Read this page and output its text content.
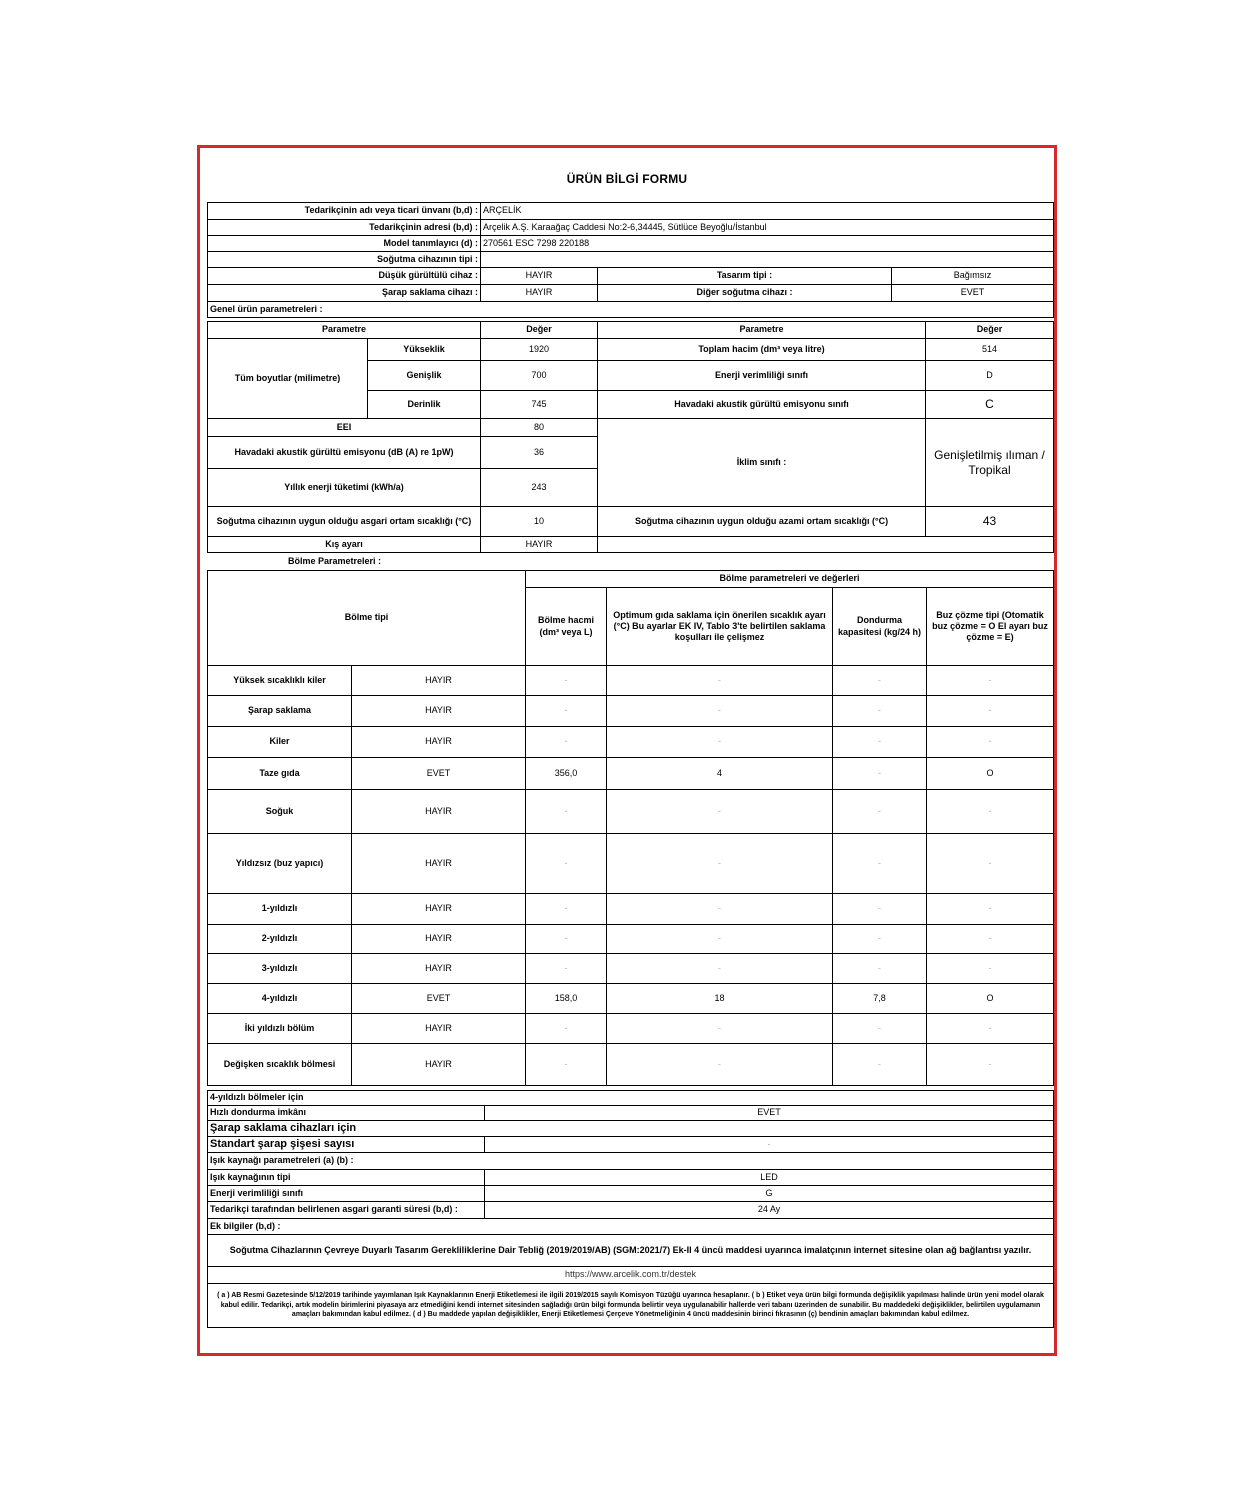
ÜRÜN BİLGİ FORMU
Tedarikçinin adı veya ticari ünvanı (b,d) :	ARÇELİK		
Tedarikçinin adresi (b,d) :	Arçelik A.Ş. Karaağaç Caddesi No:2-6,34445, Sütlüce Beyoğlu/İstanbul		
Model tanımlayıcı (d) :	270561 ESC 7298 220188		
Soğutma cihazının tipi :			
Düşük gürültülü cihaz :	HAYIR	Tasarım tipi :	Bağımsız
Şarap saklama cihazı :	HAYIR	Diğer soğutma cihazı :	EVET
Genel ürün parametreleri :			
Parametre		Değer	Parametre	Değer
Tüm boyutlar (milimetre)	Yükseklik	1920	Toplam hacim (dm³ veya litre)	514
	Genişlik	700	Enerji verimliliği sınıfı	D
	Derinlik	745	Havadaki akustik gürültü emisyonu sınıfı	C
EEI		80	İklim sınıfı :	Genişletilmiş ılıman / Tropikal
Havadaki akustik gürültü emisyonu (dB (A) re 1pW)		36		
Yıllık enerji tüketimi (kWh/a)		243		
Soğutma cihazının uygun olduğu asgari ortam sıcaklığı (°C)		10	Soğutma cihazının uygun olduğu azami ortam sıcaklığı (°C)	43
Kış ayarı		HAYIR		
Bölme Parametreleri :
Bölme tipi		Bölme parametreleri ve değerleri			
		Bölme hacmi (dm³ veya L)	Optimum gıda saklama için önerilen sıcaklık ayarı (°C) Bu ayarlar EK IV, Tablo 3'te belirtilen saklama koşulları ile çelişmez	Dondurma kapasitesi (kg/24 h)	Buz çözme tipi (Otomatik buz çözme = O El ayarı buz çözme = E)
Yüksek sıcaklıklı kiler	HAYIR	-	-	-	-
Şarap saklama	HAYIR	-	-	-	-
Kiler	HAYIR	-	-	-	-
Taze gıda	EVET	356,0	4	-	O
Soğuk	HAYIR	-	-	-	-
Yıldızsız (buz yapıcı)	HAYIR	-	-	-	-
1-yıldızlı	HAYIR	-	-	-	-
2-yıldızlı	HAYIR	-	-	-	-
3-yıldızlı	HAYIR	-	-	-	-
4-yıldızlı	EVET	158,0	18	7,8	O
İki yıldızlı bölüm	HAYIR	-	-	-	-
Değişken sıcaklık bölmesi	HAYIR	-	-	-	-
4-yıldızlı bölmeler için	
Hızlı dondurma imkânı	EVET
Şarap saklama cihazları için	
Standart şarap şişesi sayısı	-
Işık kaynağı parametreleri (a) (b) :	
Işık kaynağının tipi	LED
Enerji verimliliği sınıfı	G
Tedarikçi tarafından belirlenen asgari garanti süresi (b,d) :	24 Ay
Ek bilgiler (b,d) :	
Soğutma Cihazlarının Çevreye Duyarlı Tasarım Gerekliliklerine Dair Tebliğ (2019/2019/AB) (SGM:2021/7) Ek-II 4 üncü maddesi uyarınca imalatçının internet sitesine olan ağ bağlantısı yazılır.	
https://www.arcelik.com.tr/destek	
( a ) AB Resmi Gazetesinde 5/12/2019 tarihinde yayımlanan Işık Kaynaklarının Enerji Etiketlemesi ile ilgili 2019/2015 sayılı Komisyon Tüzüğü uyarınca hesaplanır. ( b ) Etiket veya ürün bilgi formunda değişiklik yapılması halinde ürün yeni model olarak kabul edilir. Tedarikçi, artık modelin birimlerini piyasaya arz etmediğini kendi internet sitesinden sağladığı ürün bilgi formunda belirtir veya uygulanabilir hallerde veri tabanı üzerinden de sunabilir. Bu maddedeki değişiklikler, belirtilen uygulamanın amaçları bakımından kabul edilmez. ( d ) Bu maddede yapılan değişiklikler, Enerji Etiketlemesi Çerçeve Yönetmeliğinin 4 üncü maddesinin birinci fıkrasının (ç) bendinin amaçları bakımından kabul edilmez.	
